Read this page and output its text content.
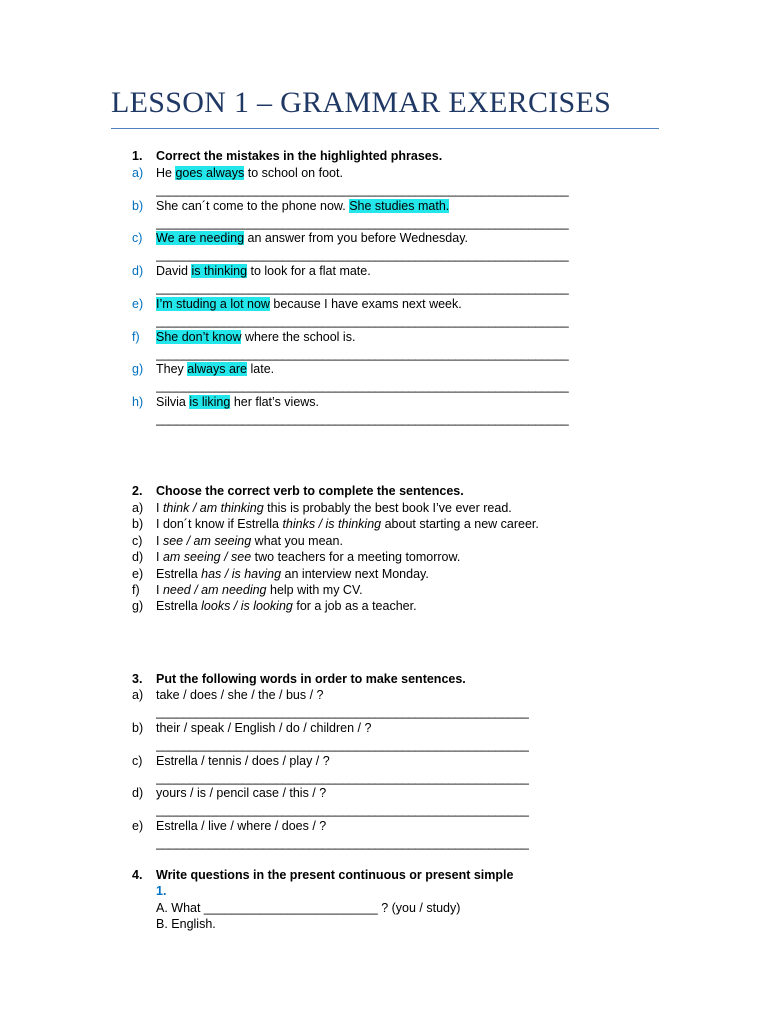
LESSON 1 – GRAMMAR EXERCISES
1. Correct the mistakes in the highlighted phrases.
a) He goes always to school on foot.
______________________________________________________________
b) She can´t come to the phone now. She studies math.
______________________________________________________________
c) We are needing an answer from you before Wednesday.
______________________________________________________________
d) David is thinking to look for a flat mate.
______________________________________________________________
e) I’m studing a lot now because I have exams next week.
______________________________________________________________
f) She don’t know where the school is.
______________________________________________________________
g) They always are late.
______________________________________________________________
h) Silvia is liking her flat’s views.
______________________________________________________________
2. Choose the correct verb to complete the sentences.
a) I think / am thinking this is probably the best book I’ve ever read.
b) I don´t know if Estrella thinks / is thinking about starting a new career.
c) I see / am seeing what you mean.
d) I am seeing / see two teachers for a meeting tomorrow.
e) Estrella has / is having an interview next Monday.
f) I need / am needing help with my CV.
g) Estrella looks / is looking for a job as a teacher.
3. Put the following words in order to make sentences.
a) take / does / she / the / bus / ?
________________________________________________________
b) their / speak / English / do / children / ?
________________________________________________________
c) Estrella / tennis / does / play / ?
________________________________________________________
d) yours / is / pencil case / this / ?
________________________________________________________
e) Estrella / live / where / does / ?
________________________________________________________
4. Write questions in the present continuous or present simple
1.
A. What _________________________ ? (you / study)
B. English.
